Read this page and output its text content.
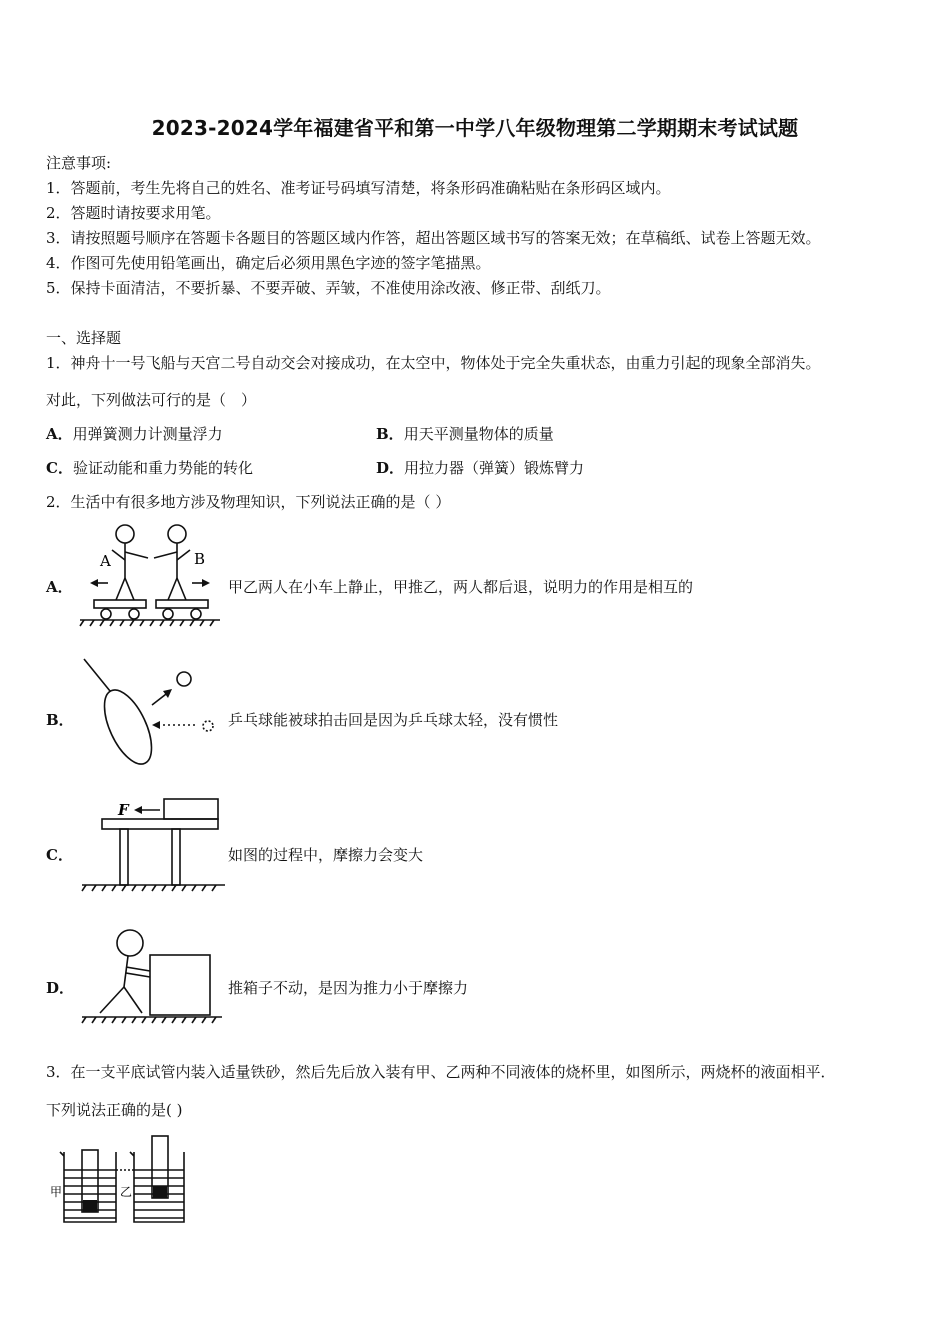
2023-2024学年福建省平和第一中学八年级物理第二学期期末考试试题
注意事项:
1．答题前，考生先将自己的姓名、准考证号码填写清楚，将条形码准确粘贴在条形码区域内。
2．答题时请按要求用笔。
3．请按照题号顺序在答题卡各题目的答题区域内作答，超出答题区域书写的答案无效；在草稿纸、试卷上答题无效。
4．作图可先使用铅笔画出，确定后必须用黑色字迹的签字笔描黑。
5．保持卡面清洁，不要折暴、不要弄破、弄皱，不准使用涂改液、修正带、刮纸刀。
一、选择题
1．神舟十一号飞船与天宫二号自动交会对接成功，在太空中，物体处于完全失重状态，由重力引起的现象全部消失。
对此，下列做法可行的是（　）
A．用弹簧测力计测量浮力	B．用天平测量物体的质量
C．验证动能和重力势能的转化	D．用拉力器（弹簧）锻炼臂力
2．生活中有很多地方涉及物理知识，下列说法正确的是（ ）
A．
A	B
甲乙两人在小车上静止，甲推乙，两人都后退，说明力的作用是相互的
B．	乒乓球能被球拍击回是因为乒乓球太轻，没有惯性
C．
F
如图的过程中，摩擦力会变大
D．	推箱子不动，是因为推力小于摩擦力
3．在一支平底试管内装入适量铁砂，然后先后放入装有甲、乙两种不同液体的烧杯里，如图所示，两烧杯的液面相平．
下列说法正确的是( )
甲	乙
